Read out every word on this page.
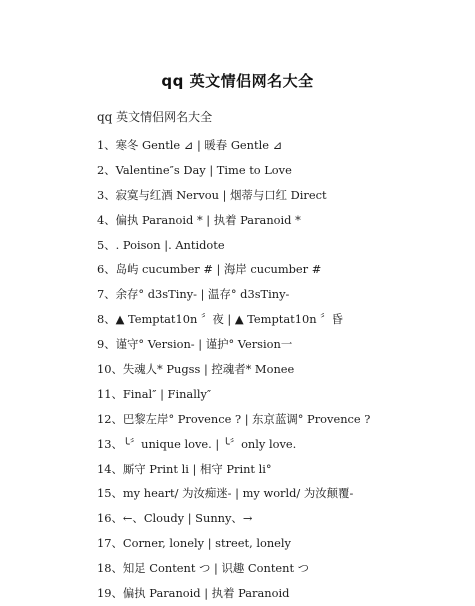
qq 英文情侣网名大全
qq 英文情侣网名大全
1、寒冬 Gentle ⊿ | 暖春 Gentle ⊿
2、Valentine″s Day | Time to Love
3、寂寞与红酒 Nervou | 烟蒂与口红 Direct
4、偏执 Paranoid * | 执着 Paranoid *
5、. Poison |. Antidote
6、岛屿 cucumber # | 海岸 cucumber #
7、余存° d3sTiny- | 温存° d3sTiny-
8、▲ Temptat10n 〞夜 | ▲ Temptat10n 〞昏
9、谨守° Version- | 谨护° Version一
10、失魂人* Pugss | 控魂者* Monee
11、Final″ | Finally″
12、巴黎左岸° Provence ? | 东京蓝调° Provence ?
13、╰〞unique love. | ╰〞only love.
14、厮守 Print li | 相守 Print li°
15、my heart/ 为汝痴迷- | my world/ 为汝颠覆-
16、←、Cloudy | Sunny、→
17、Corner, lonely | street, lonely
18、知足 Content つ | 识趣 Content つ
19、偏执 Paranoid | 执着 Paranoid
